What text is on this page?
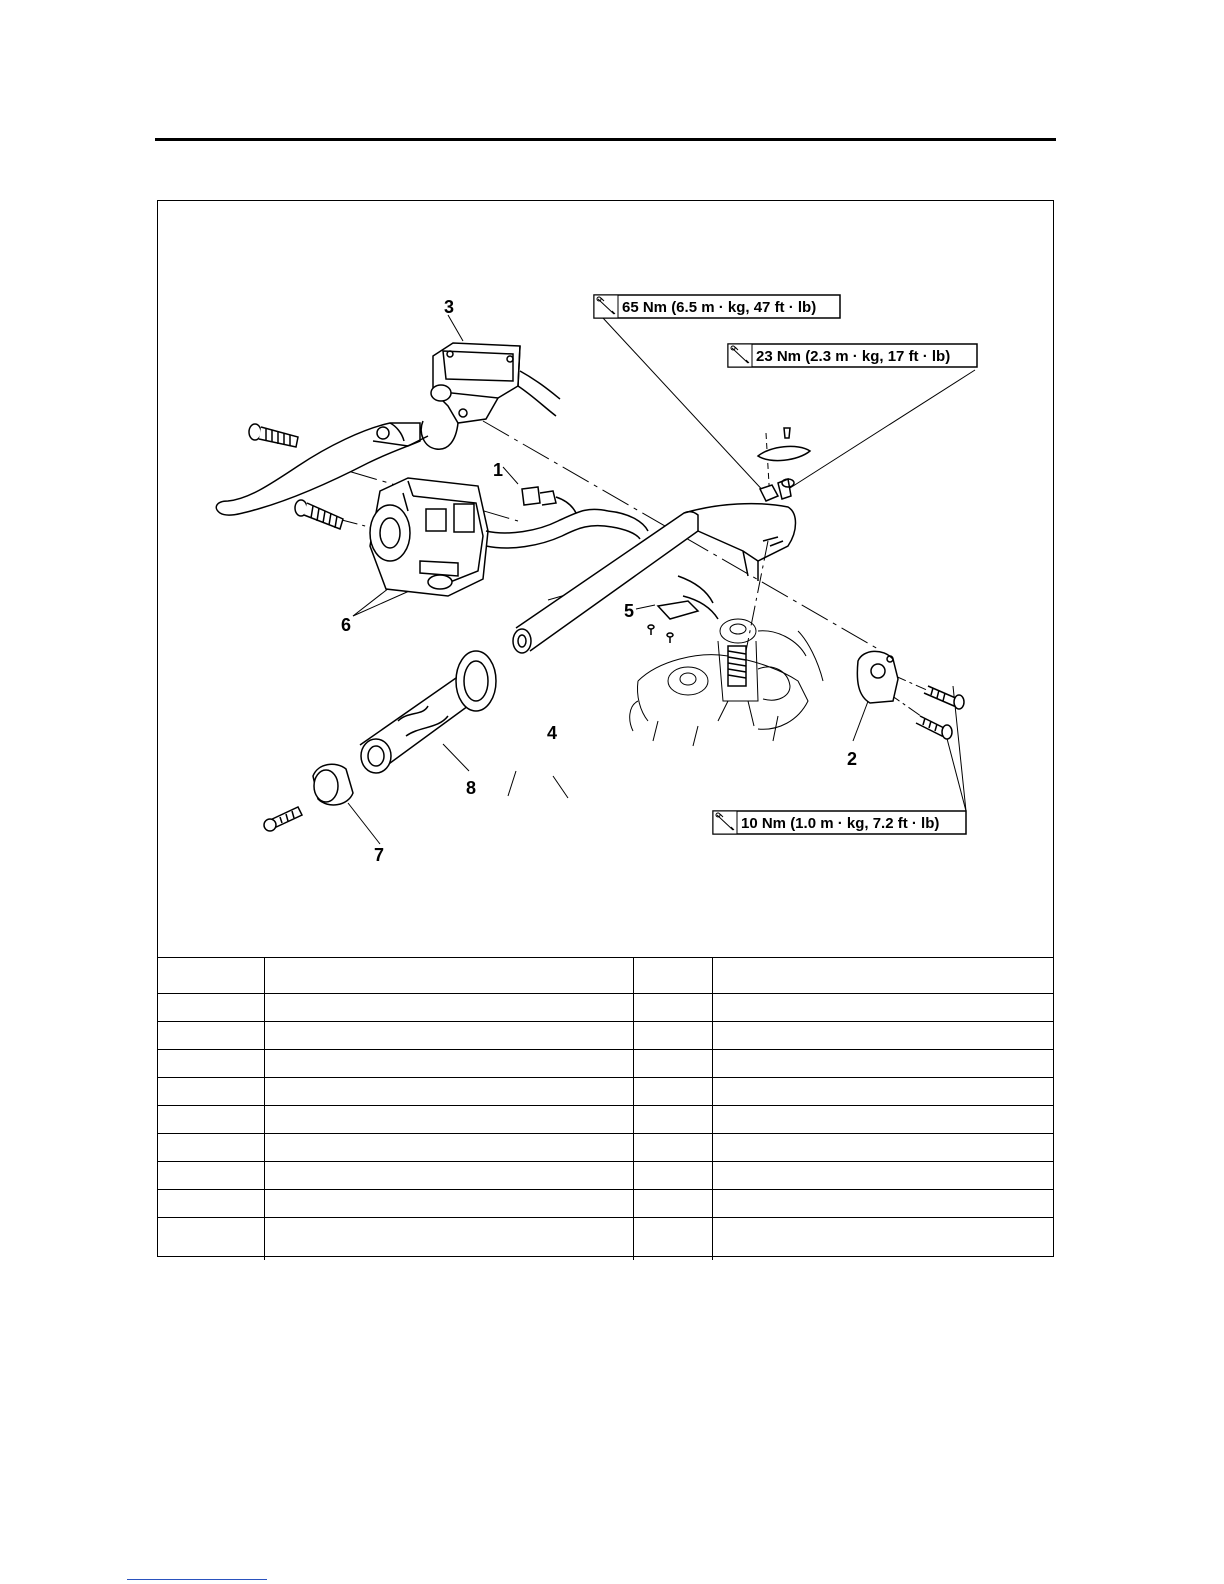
3
1
6
5
4
8
7
2
65 Nm (6.5 m · kg, 47 ft · lb)
23 Nm (2.3 m · kg, 17 ft · lb)
10 Nm (1.0 m · kg, 7.2 ft · lb)
